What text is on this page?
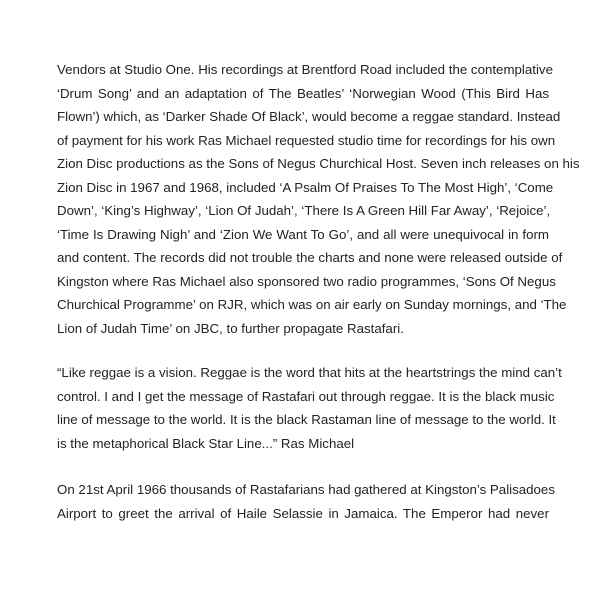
Vendors at Studio One. His recordings at Brentford Road included the contemplative
‘Drum Song’ and an adaptation of The Beatles’ ‘Norwegian Wood (This Bird Has
Flown’) which, as ‘Darker Shade Of Black’, would become a reggae standard. Instead
of payment for his work Ras Michael requested studio time for recordings for his own
Zion Disc productions as the Sons of Negus Churchical Host. Seven inch releases on his
Zion Disc in 1967 and 1968, included ‘A Psalm Of Praises To The Most High’, ‘Come
Down’, ‘King’s Highway’, ‘Lion Of Judah’, ‘There Is A Green Hill Far Away’, ‘Rejoice’,
‘Time Is Drawing Nigh’ and ‘Zion We Want To Go’, and all were unequivocal in form
and content. The records did not trouble the charts and none were released outside of
Kingston where Ras Michael also sponsored two radio programmes, ‘Sons Of Negus
Churchical Programme’ on RJR, which was on air early on Sunday mornings, and ‘The
Lion of Judah Time’ on JBC, to further propagate Rastafari.

“Like reggae is a vision. Reggae is the word that hits at the heartstrings the mind can’t
control. I and I get the message of Rastafari out through reggae. It is the black music
line of message to the world. It is the black Rastaman line of message to the world. It
is the metaphorical Black Star Line...” Ras Michael

On 21st April 1966 thousands of Rastafarians had gathered at Kingston’s Palisadoes
Airport to greet the arrival of Haile Selassie in Jamaica. The Emperor had never
